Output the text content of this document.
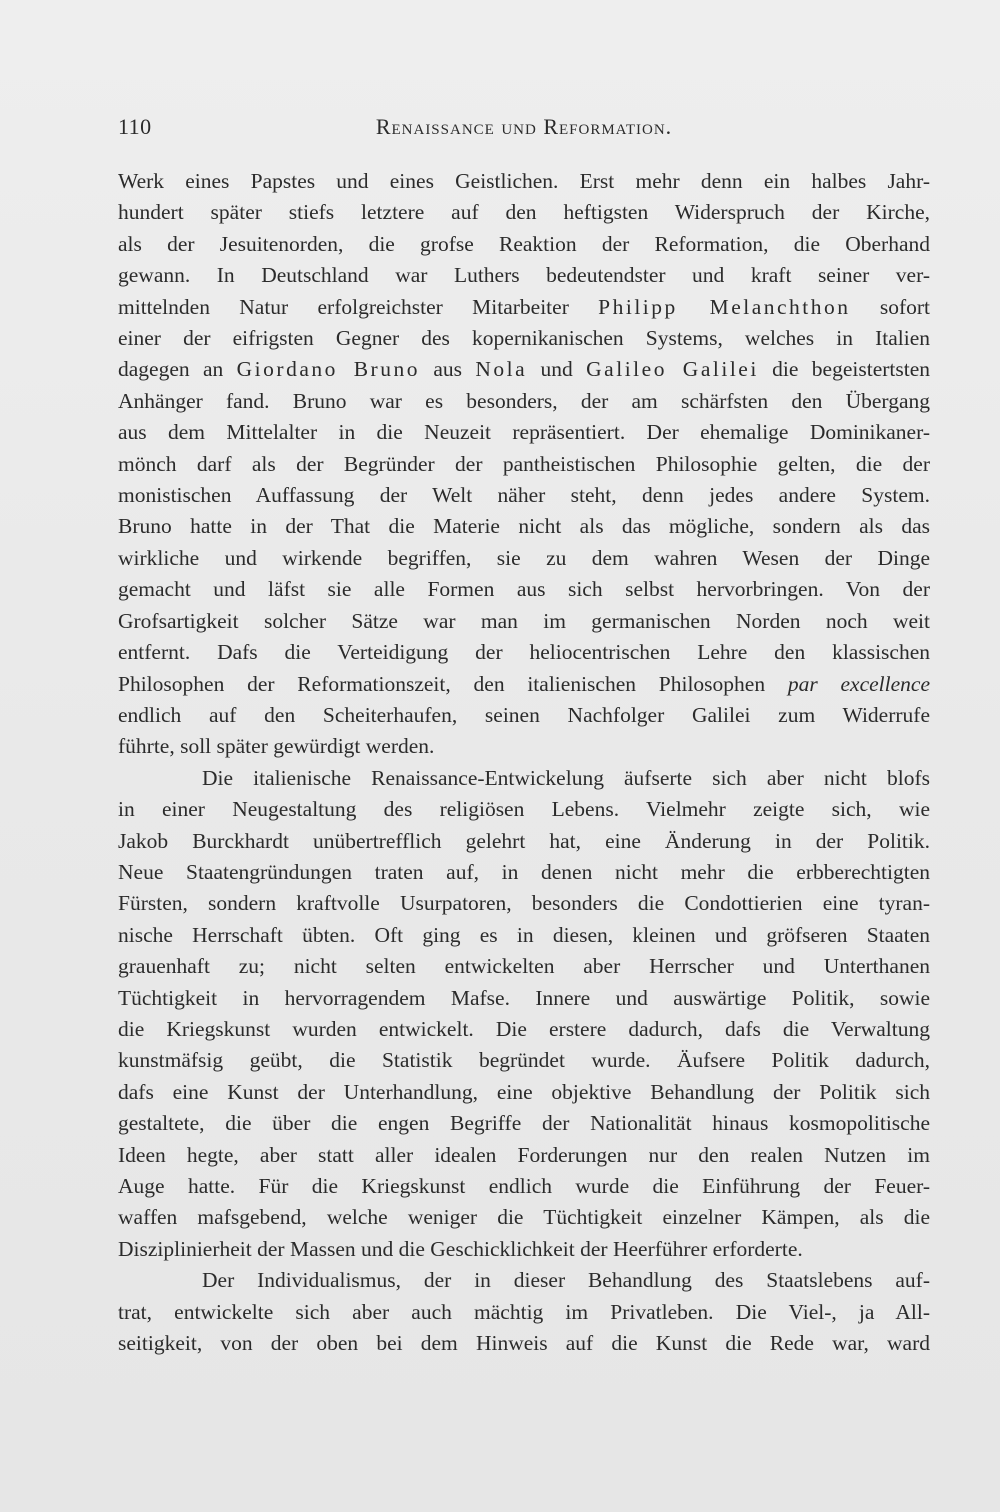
110	Renaissance und Reformation.
Werk eines Papstes und eines Geistlichen. Erst mehr denn ein halbes Jahr-
hundert später stiefs letztere auf den heftigsten Widerspruch der Kirche,
als der Jesuitenorden, die grofse Reaktion der Reformation, die Oberhand
gewann. In Deutschland war Luthers bedeutendster und kraft seiner ver-
mittelnden Natur erfolgreichster Mitarbeiter Philipp Melanchthon sofort
einer der eifrigsten Gegner des kopernikanischen Systems, welches in Italien
dagegen an Giordano Bruno aus Nola und Galileo Galilei die begeistertsten
Anhänger fand. Bruno war es besonders, der am schärfsten den Übergang
aus dem Mittelalter in die Neuzeit repräsentiert. Der ehemalige Dominikaner-
mönch darf als der Begründer der pantheistischen Philosophie gelten, die der
monistischen Auffassung der Welt näher steht, denn jedes andere System.
Bruno hatte in der That die Materie nicht als das mögliche, sondern als das
wirkliche und wirkende begriffen, sie zu dem wahren Wesen der Dinge
gemacht und läfst sie alle Formen aus sich selbst hervorbringen. Von der
Grofsartigkeit solcher Sätze war man im germanischen Norden noch weit
entfernt. Dafs die Verteidigung der heliocentrischen Lehre den klassischen
Philosophen der Reformationszeit, den italienischen Philosophen par excellence
endlich auf den Scheiterhaufen, seinen Nachfolger Galilei zum Widerrufe
führte, soll später gewürdigt werden.
Die italienische Renaissance-Entwickelung äufserte sich aber nicht blofs
in einer Neugestaltung des religiösen Lebens. Vielmehr zeigte sich, wie
Jakob Burckhardt unübertrefflich gelehrt hat, eine Änderung in der Politik.
Neue Staatengründungen traten auf, in denen nicht mehr die erbberechtigten
Fürsten, sondern kraftvolle Usurpatoren, besonders die Condottierien eine tyran-
nische Herrschaft übten. Oft ging es in diesen, kleinen und gröfseren Staaten
grauenhaft zu; nicht selten entwickelten aber Herrscher und Unterthanen
Tüchtigkeit in hervorragendem Mafse. Innere und auswärtige Politik, sowie
die Kriegskunst wurden entwickelt. Die erstere dadurch, dafs die Verwaltung
kunstmäfsig geübt, die Statistik begründet wurde. Äufsere Politik dadurch,
dafs eine Kunst der Unterhandlung, eine objektive Behandlung der Politik sich
gestaltete, die über die engen Begriffe der Nationalität hinaus kosmopolitische
Ideen hegte, aber statt aller idealen Forderungen nur den realen Nutzen im
Auge hatte. Für die Kriegskunst endlich wurde die Einführung der Feuer-
waffen mafsgebend, welche weniger die Tüchtigkeit einzelner Kämpen, als die
Disziplinierheit der Massen und die Geschicklichkeit der Heerführer erforderte.
Der Individualismus, der in dieser Behandlung des Staatslebens auf-
trat, entwickelte sich aber auch mächtig im Privatleben. Die Viel-, ja All-
seitigkeit, von der oben bei dem Hinweis auf die Kunst die Rede war, ward
